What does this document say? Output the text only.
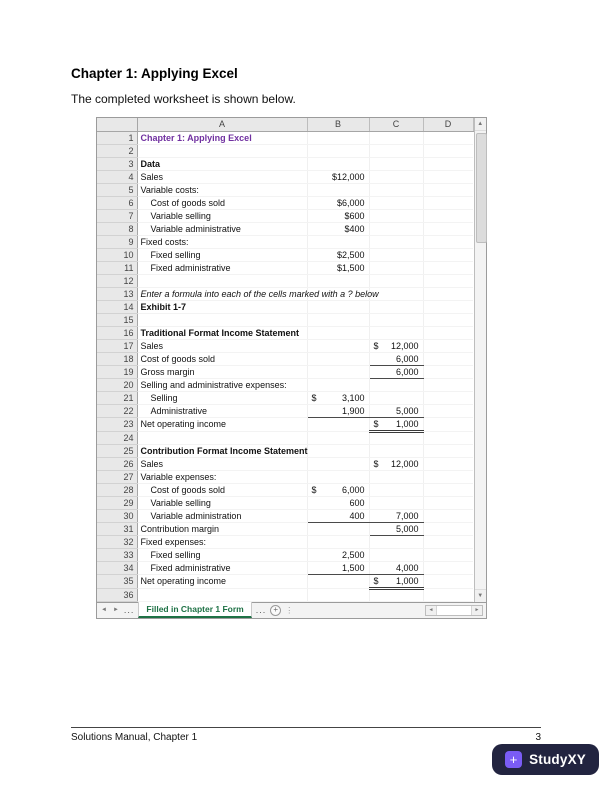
Chapter 1: Applying Excel
The completed worksheet is shown below.
	A	B	C	D
1	Chapter 1: Applying Excel			
2				
3	Data			
4	Sales	$12,000		
5	Variable costs:			
6	Cost of goods sold	$6,000		
7	Variable selling	$600		
8	Variable administrative	$400		
9	Fixed costs:			
10	Fixed selling	$2,500		
11	Fixed administrative	$1,500		
12				
13	Enter a formula into each of the cells marked with a ? below			
14	Exhibit 1-7			
15				
16	Traditional Format Income Statement			
17	Sales		$ 12,000	
18	Cost of goods sold		6,000	
19	Gross margin		6,000	
20	Selling and administrative expenses:			
21	Selling	$ 3,100		
22	Administrative	1,900	5,000	
23	Net operating income		$ 1,000	
24				
25	Contribution Format Income Statement			
26	Sales		$ 12,000	
27	Variable expenses:			
28	Cost of goods sold	$ 6,000		
29	Variable selling	600		
30	Variable administration	400	7,000	
31	Contribution margin		5,000	
32	Fixed expenses:			
33	Fixed selling	2,500		
34	Fixed administrative	1,500	4,000	
35	Net operating income		$ 1,000	
36				
▲
▼
◄ ► ...	Filled in Chapter 1 Form	... + ⋮	◄	►
Solutions Manual, Chapter 1	3
+ StudyXY
